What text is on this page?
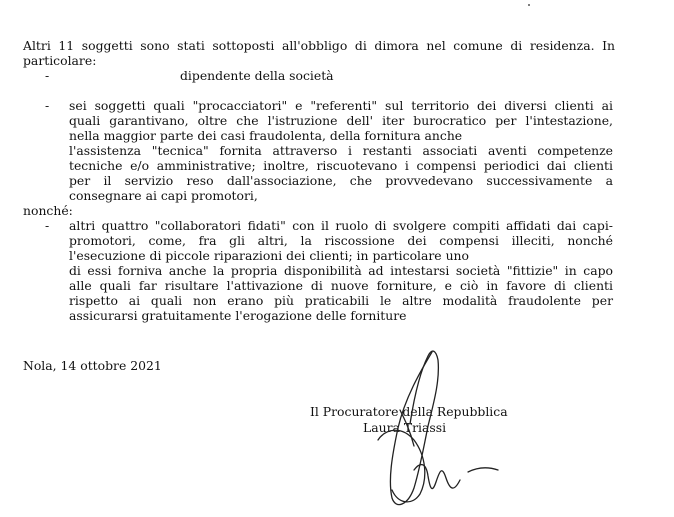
Altri 11 soggetti sono stati sottoposti all'obbligo di dimora nel comune di residenza. In
particolare:
-	dipendente della società
- sei soggetti quali "procacciatori" e "referenti" sul territorio dei diversi clienti ai
quali garantivano, oltre che l'istruzione dell' iter burocratico per l'intestazione,
nella maggior parte dei casi fraudolenta, della fornitura anche
l'assistenza "tecnica" fornita attraverso i restanti associati aventi competenze
tecniche e/o amministrative; inoltre, riscuotevano i compensi periodici dai clienti
per il servizio reso dall'associazione, che provvedevano successivamente a
consegnare ai capi promotori,
nonché:
- altri quattro "collaboratori fidati" con il ruolo di svolgere compiti affidati dai capi-
promotori, come, fra gli altri, la riscossione dei compensi illeciti, nonché
l'esecuzione di piccole riparazioni dei clienti; in particolare uno
di essi forniva anche la propria disponibilità ad intestarsi società "fittizie" in capo
alle quali far risultare l'attivazione di nuove forniture, e ciò in favore di clienti
rispetto ai quali non erano più praticabili le altre modalità fraudolente per
assicurarsi gratuitamente l'erogazione delle forniture
Nola, 14 ottobre 2021
Il Procuratore della Repubblica
Laura Triassi
